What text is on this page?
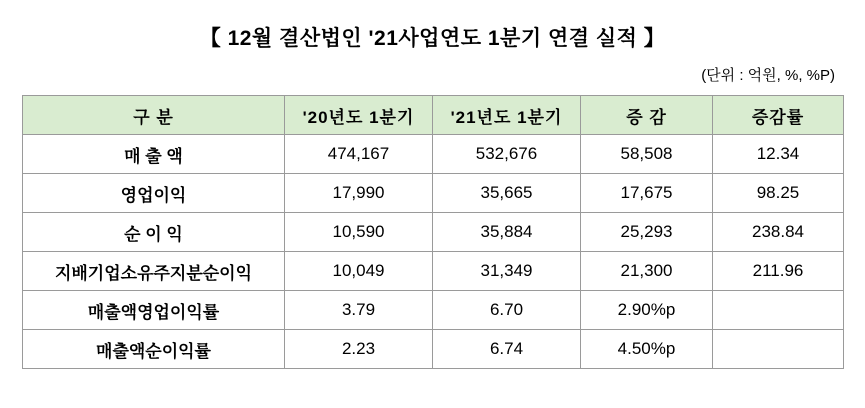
【 12월 결산법인 '21사업연도 1분기 연결 실적 】
(단위 : 억원, %, %P)
구 분	'20년도 1분기	'21년도 1분기	증 감	증감률
매 출 액	474,167	532,676	58,508	12.34
영업이익	17,990	35,665	17,675	98.25
순 이 익	10,590	35,884	25,293	238.84
지배기업소유주지분순이익	10,049	31,349	21,300	211.96
매출액영업이익률	3.79	6.70	2.90%p	
매출액순이익률	2.23	6.74	4.50%p	
